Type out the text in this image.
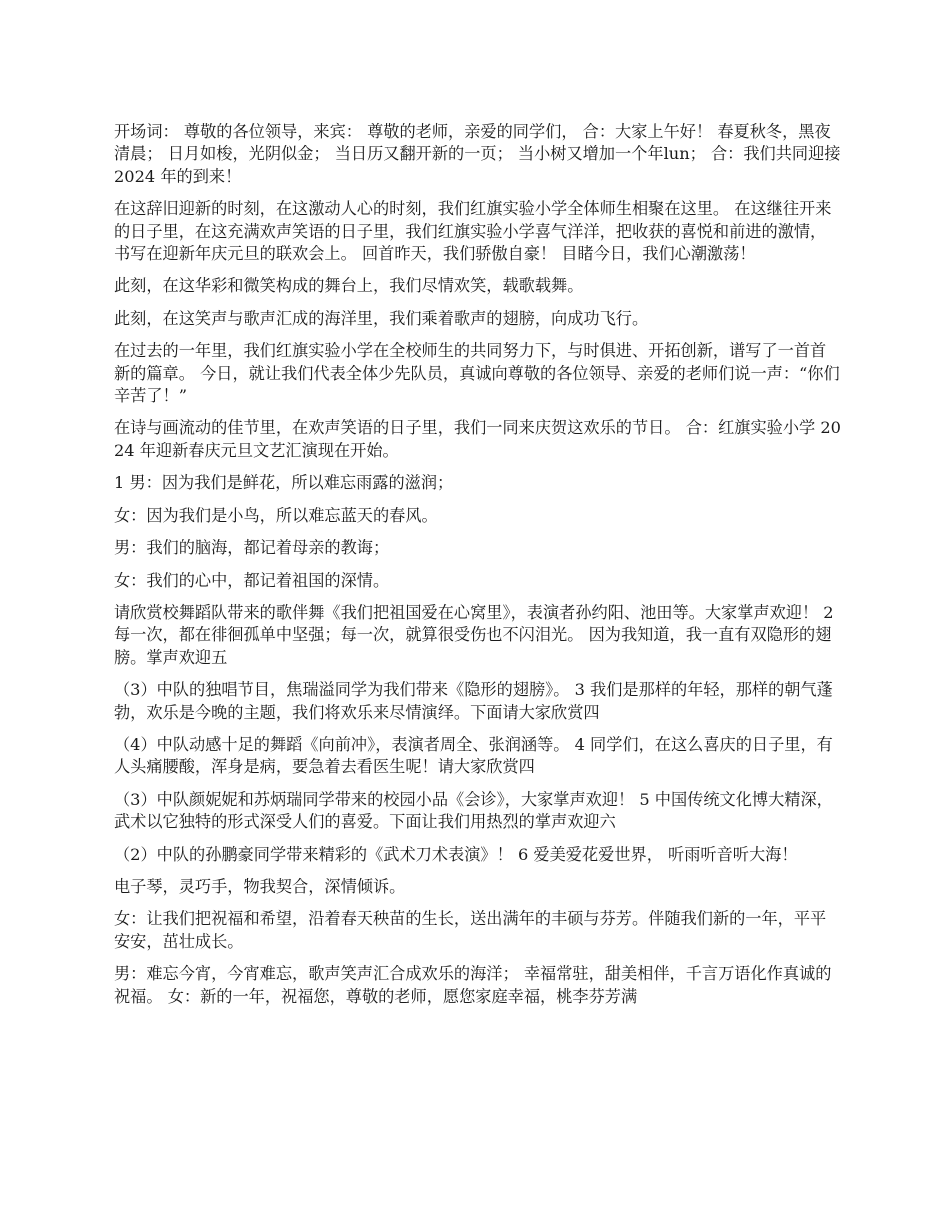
开场词： 尊敬的各位领导，来宾： 尊敬的老师，亲爱的同学们， 合：大家上午好！ 春夏秋冬，黑夜清晨； 日月如梭，光阴似金； 当日历又翻开新的一页； 当小树又增加一个年lun； 合：我们共同迎接 2024 年的到来！

在这辞旧迎新的时刻，在这激动人心的时刻，我们红旗实验小学全体师生相聚在这里。 在这继往开来的日子里，在这充满欢声笑语的日子里，我们红旗实验小学喜气洋洋，把收获的喜悦和前进的激情，书写在迎新年庆元旦的联欢会上。 回首昨天，我们骄傲自豪！ 目睹今日，我们心潮激荡！

此刻，在这华彩和微笑构成的舞台上，我们尽情欢笑，载歌载舞。

此刻，在这笑声与歌声汇成的海洋里，我们乘着歌声的翅膀，向成功飞行。

在过去的一年里，我们红旗实验小学在全校师生的共同努力下，与时俱进、开拓创新，谱写了一首首新的篇章。 今日，就让我们代表全体少先队员，真诚向尊敬的各位领导、亲爱的老师们说一声：“你们辛苦了！”

在诗与画流动的佳节里，在欢声笑语的日子里，我们一同来庆贺这欢乐的节日。 合：红旗实验小学 2024 年迎新春庆元旦文艺汇演现在开始。

1 男：因为我们是鲜花，所以难忘雨露的滋润；

女：因为我们是小鸟，所以难忘蓝天的春风。

男：我们的脑海，都记着母亲的教诲；

女：我们的心中，都记着祖国的深情。

请欣赏校舞蹈队带来的歌伴舞《我们把祖国爱在心窝里》，表演者孙约阳、池田等。大家掌声欢迎！ 2 每一次，都在徘徊孤单中坚强；每一次，就算很受伤也不闪泪光。 因为我知道，我一直有双隐形的翅膀。掌声欢迎五

（3）中队的独唱节目，焦瑞溢同学为我们带来《隐形的翅膀》。 3 我们是那样的年轻，那样的朝气蓬勃，欢乐是今晚的主题，我们将欢乐来尽情演绎。下面请大家欣赏四

（4）中队动感十足的舞蹈《向前冲》，表演者周全、张润涵等。 4 同学们，在这么喜庆的日子里，有人头痛腰酸，浑身是病，要急着去看医生呢！请大家欣赏四

（3）中队颜妮妮和苏炳瑞同学带来的校园小品《会诊》，大家掌声欢迎！ 5 中国传统文化博大精深，武术以它独特的形式深受人们的喜爱。下面让我们用热烈的掌声欢迎六

（2）中队的孙鹏豪同学带来精彩的《武术刀术表演》！ 6 爱美爱花爱世界， 听雨听音听大海！

电子琴，灵巧手，物我契合，深情倾诉。

女：让我们把祝福和希望，沿着春天秧苗的生长，送出满年的丰硕与芬芳。伴随我们新的一年，平平安安，茁壮成长。

男：难忘今宵，今宵难忘，歌声笑声汇合成欢乐的海洋； 幸福常驻，甜美相伴，千言万语化作真诚的祝福。 女：新的一年，祝福您，尊敬的老师，愿您家庭幸福，桃李芬芳满
